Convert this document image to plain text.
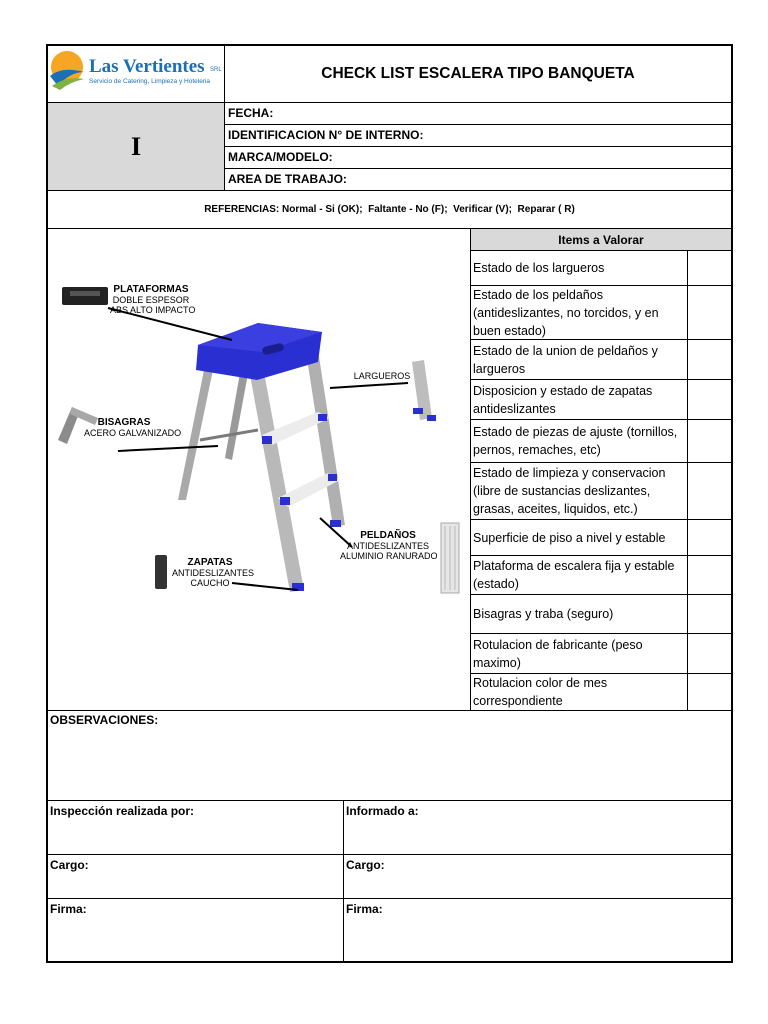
Las Vertientes SRL
Servicio de Catering, Limpieza y Hoteleria	CHECK LIST ESCALERA TIPO BANQUETA
I
FECHA:
IDENTIFICACION N° DE INTERNO:
MARCA/MODELO:
AREA DE TRABAJO:
REFERENCIAS: Normal - Si (OK);  Faltante - No (F);  Verificar (V);  Reparar ( R)
PLATAFORMAS
DOBLE ESPESOR
ABS ALTO IMPACTO
BISAGRAS
ACERO GALVANIZADO
LARGUEROS
PELDAÑOS
ANTIDESLIZANTES
ALUMINIO RANURADO
ZAPATAS
ANTIDESLIZANTES
CAUCHO
Items a Valorar
Estado de los largueros
Estado de los peldaños (antideslizantes, no torcidos, y en buen estado)
Estado de la union de peldaños y largueros
Disposicion y estado de zapatas antideslizantes
Estado de piezas de ajuste (tornillos, pernos, remaches, etc)
Estado de limpieza y conservacion (libre de sustancias deslizantes, grasas, aceites, liquidos, etc.)
Superficie de piso a nivel y estable
Plataforma de escalera fija y estable (estado)
Bisagras y traba (seguro)
Rotulacion de fabricante (peso maximo)
Rotulacion color de mes correspondiente
OBSERVACIONES:
Inspección realizada por:	Informado a:
Cargo:	Cargo:
Firma:	Firma:
